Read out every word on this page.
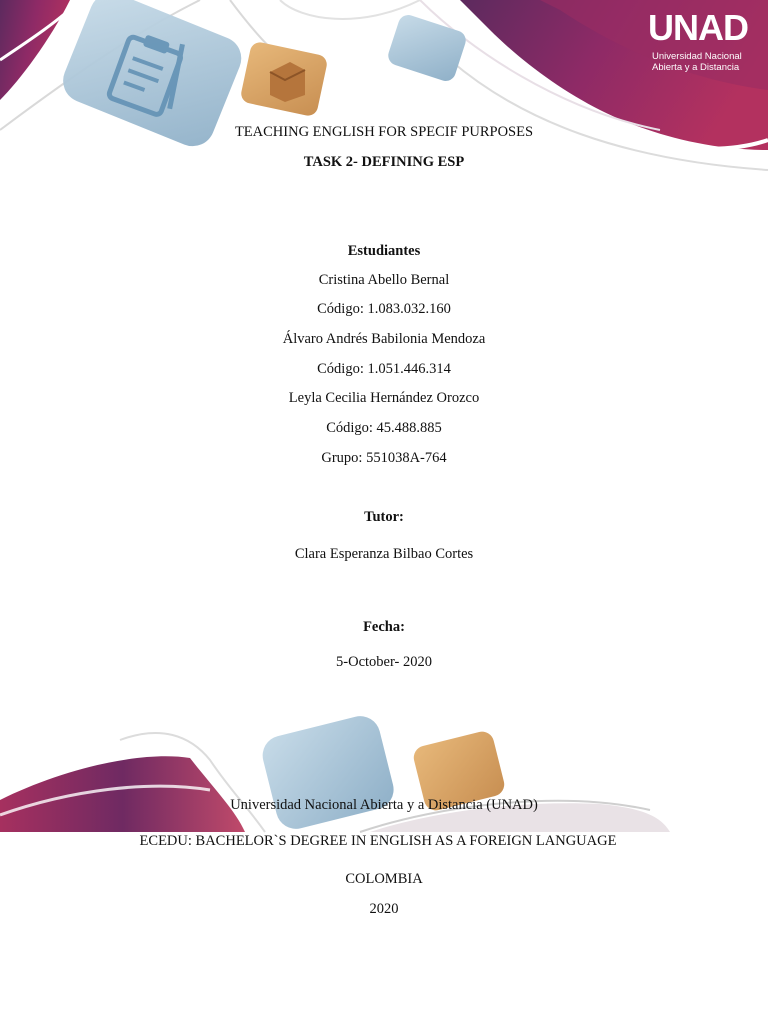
UNAD
Universidad Nacional
Abierta y a Distancia
TEACHING ENGLISH FOR SPECIF PURPOSES
TASK 2- DEFINING ESP
Estudiantes
Cristina Abello Bernal
Código: 1.083.032.160
Álvaro Andrés Babilonia Mendoza
Código: 1.051.446.314
Leyla Cecilia Hernández Orozco
Código: 45.488.885
Grupo: 551038A-764
Tutor:
Clara Esperanza Bilbao Cortes
Fecha:
5-October- 2020
Universidad Nacional Abierta y a Distancia (UNAD)
ECEDU: BACHELOR`S DEGREE IN ENGLISH AS A FOREIGN LANGUAGE
COLOMBIA
2020
